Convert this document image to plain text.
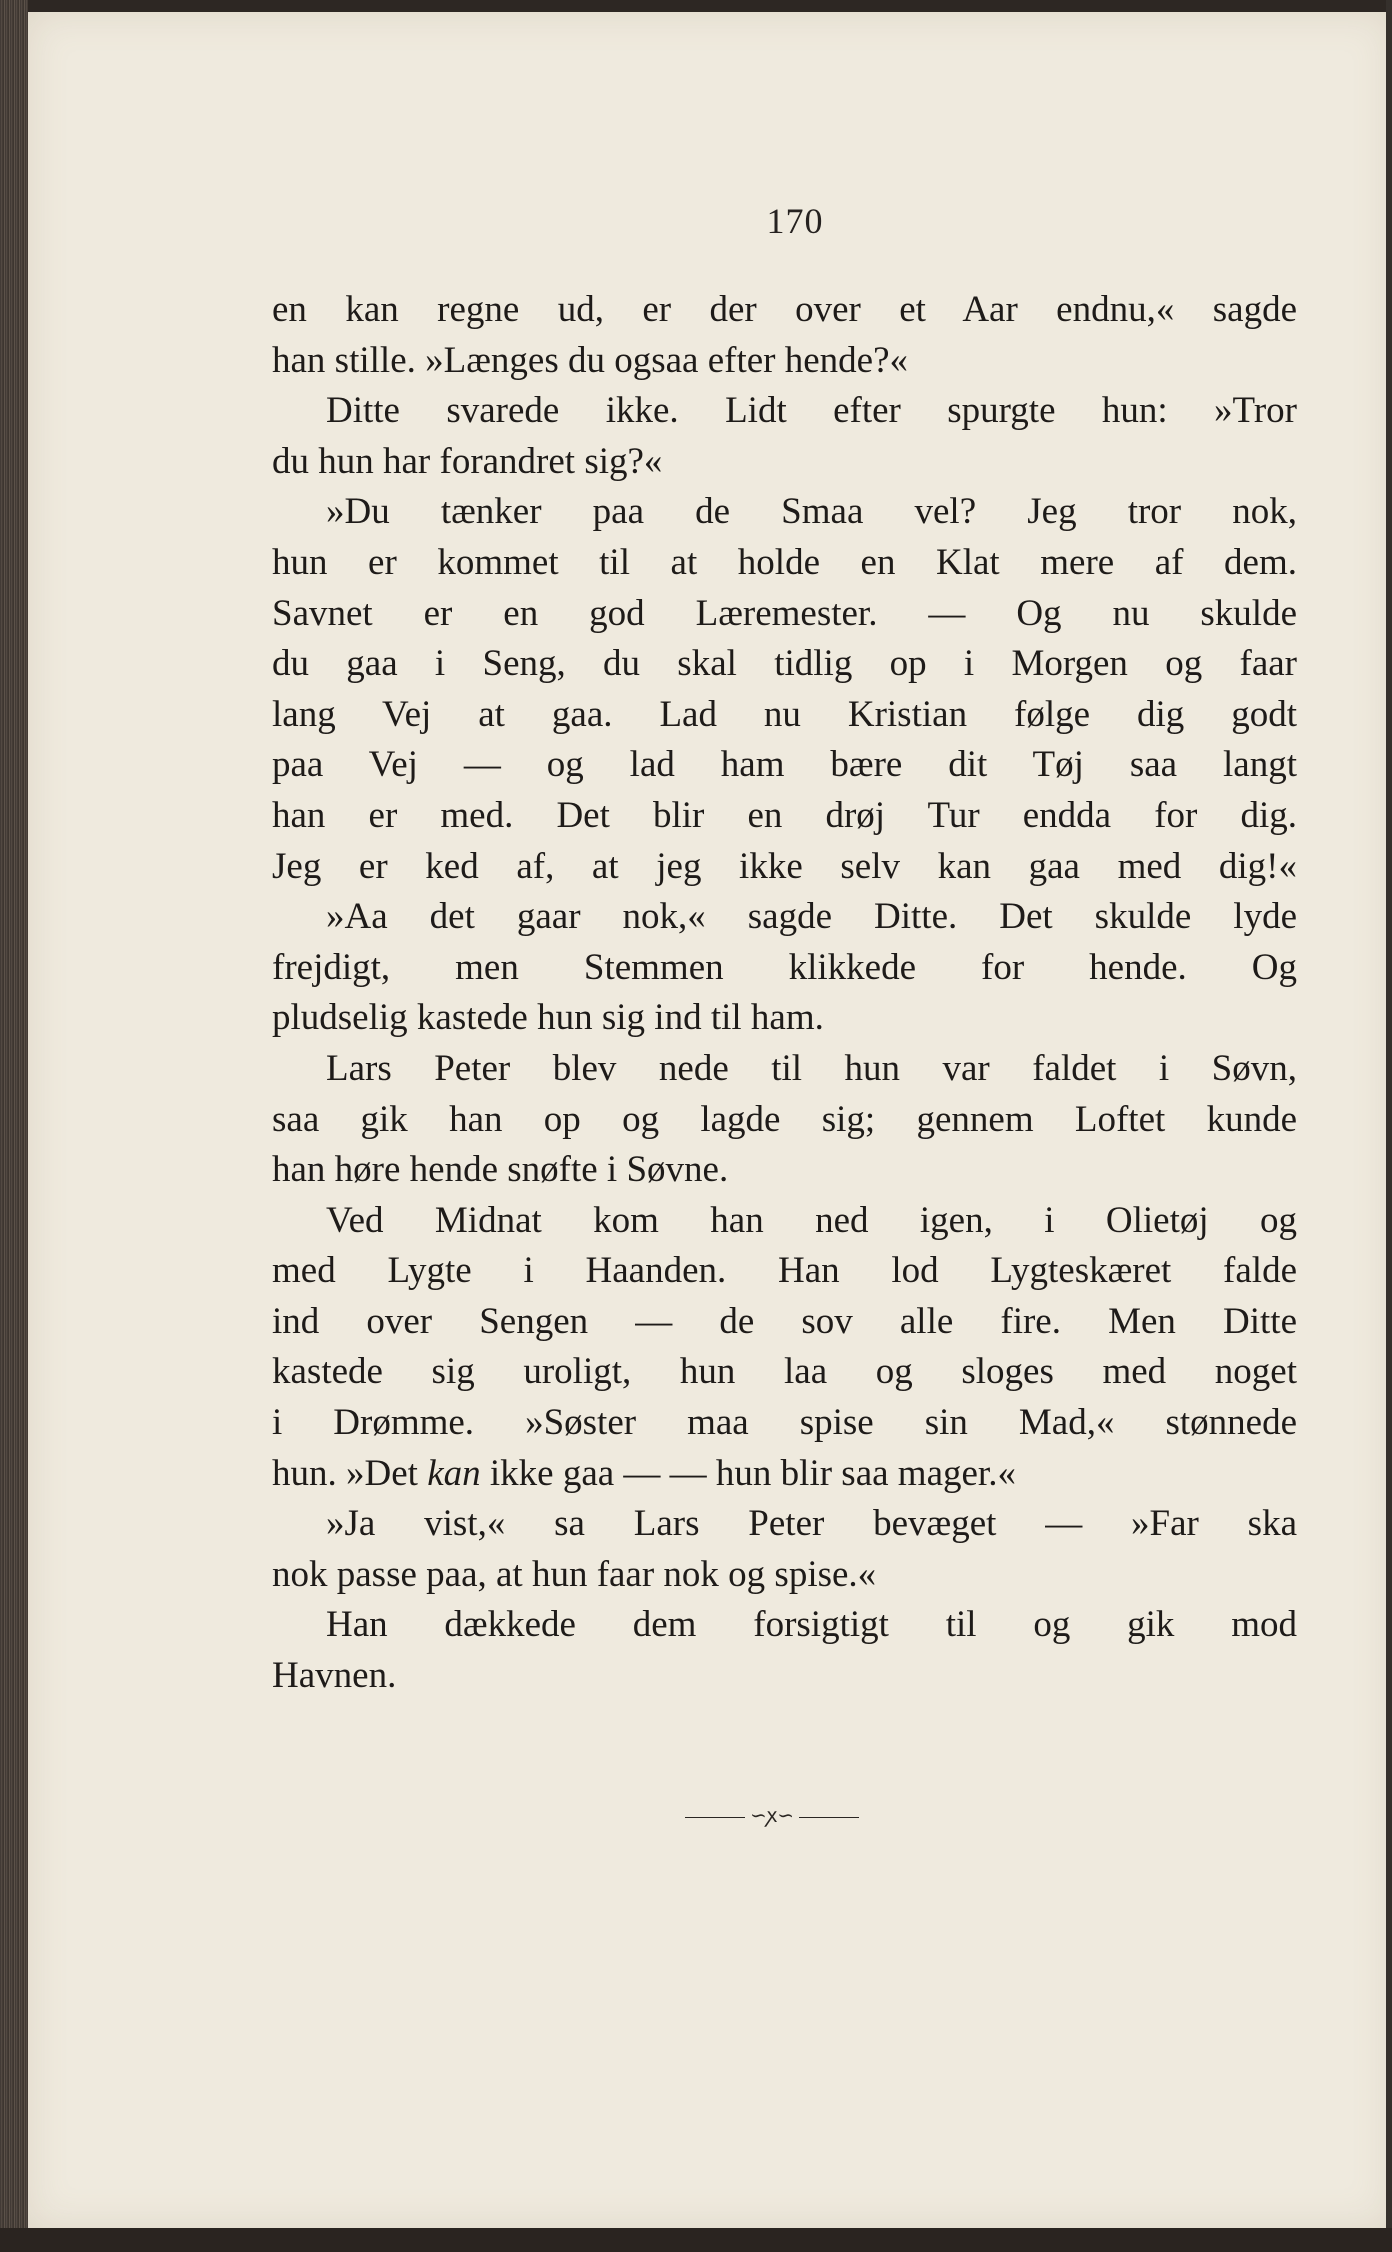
170
en kan regne ud, er der over et Aar endnu,« sagde
han stille. »Længes du ogsaa efter hende?«
Ditte svarede ikke. Lidt efter spurgte hun: »Tror
du hun har forandret sig?«
»Du tænker paa de Smaa vel? Jeg tror nok,
hun er kommet til at holde en Klat mere af dem.
Savnet er en god Læremester. — Og nu skulde
du gaa i Seng, du skal tidlig op i Morgen og faar
lang Vej at gaa. Lad nu Kristian følge dig godt
paa Vej — og lad ham bære dit Tøj saa langt
han er med. Det blir en drøj Tur endda for dig.
Jeg er ked af, at jeg ikke selv kan gaa med dig!«
»Aa det gaar nok,« sagde Ditte. Det skulde lyde
frejdigt, men Stemmen klikkede for hende. Og
pludselig kastede hun sig ind til ham.
Lars Peter blev nede til hun var faldet i Søvn,
saa gik han op og lagde sig; gennem Loftet kunde
han høre hende snøfte i Søvne.
Ved Midnat kom han ned igen, i Olietøj og
med Lygte i Haanden. Han lod Lygteskæret falde
ind over Sengen — de sov alle fire. Men Ditte
kastede sig uroligt, hun laa og sloges med noget
i Drømme. »Søster maa spise sin Mad,« stønnede
hun. »Det kan ikke gaa — — hun blir saa mager.«
»Ja vist,« sa Lars Peter bevæget — »Far ska
nok passe paa, at hun faar nok og spise.«
Han dækkede dem forsigtigt til og gik mod
Havnen.
∽ꭗ∽
